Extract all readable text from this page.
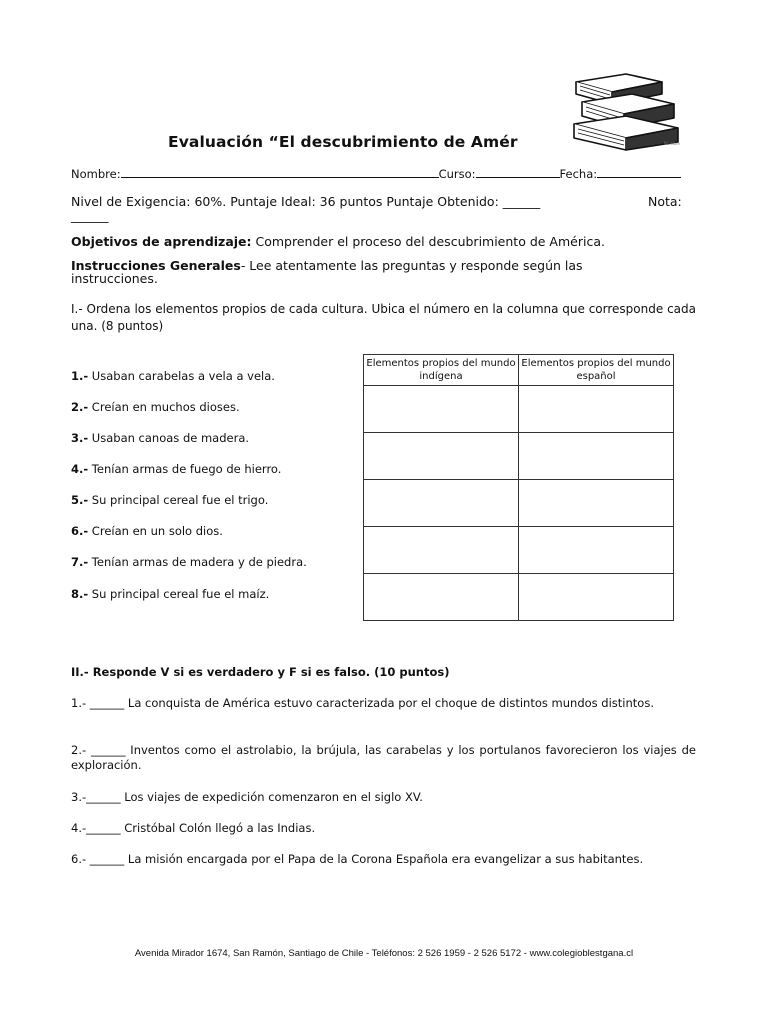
Nombre
Evaluación “El descubrimiento de Amér
Nombre:	Curso:	Fecha:
Nivel de Exigencia: 60%. Puntaje Ideal: 36 puntos Puntaje Obtenido: ______	Nota:
______
Objetivos de aprendizaje: Comprender el proceso del descubrimiento de América.
Instrucciones Generales- Lee atentamente las preguntas y responde según las instrucciones.
I.- Ordena los elementos propios de cada cultura. Ubica el número en la columna que corresponde cada una. (8 puntos)
1.- Usaban carabelas a vela a vela.
2.- Creían en muchos dioses.
3.- Usaban canoas de madera.
4.- Tenían armas de fuego de hierro.
5.- Su principal cereal fue el trigo.
6.- Creían en un solo dios.
7.- Tenían armas de madera y de piedra.
8.- Su principal cereal fue el maíz.
Elementos propios del mundo indígena	Elementos propios del mundo español

II.- Responde V si es verdadero y F si es falso. (10 puntos)
1.- ______ La conquista de América estuvo caracterizada por el choque de distintos mundos distintos.
2.- ______ Inventos como el astrolabio, la brújula, las carabelas y los portulanos favorecieron los viajes de exploración.
3.-______ Los viajes de expedición comenzaron en el siglo XV.
4.-______ Cristóbal Colón llegó a las Indias.
6.- ______ La misión encargada por el Papa de la Corona Española era evangelizar a sus habitantes.
Avenida Mirador 1674, San Ramón, Santiago de Chile - Teléfonos: 2 526 1959 - 2 526 5172 - www.colegioblestgana.cl
